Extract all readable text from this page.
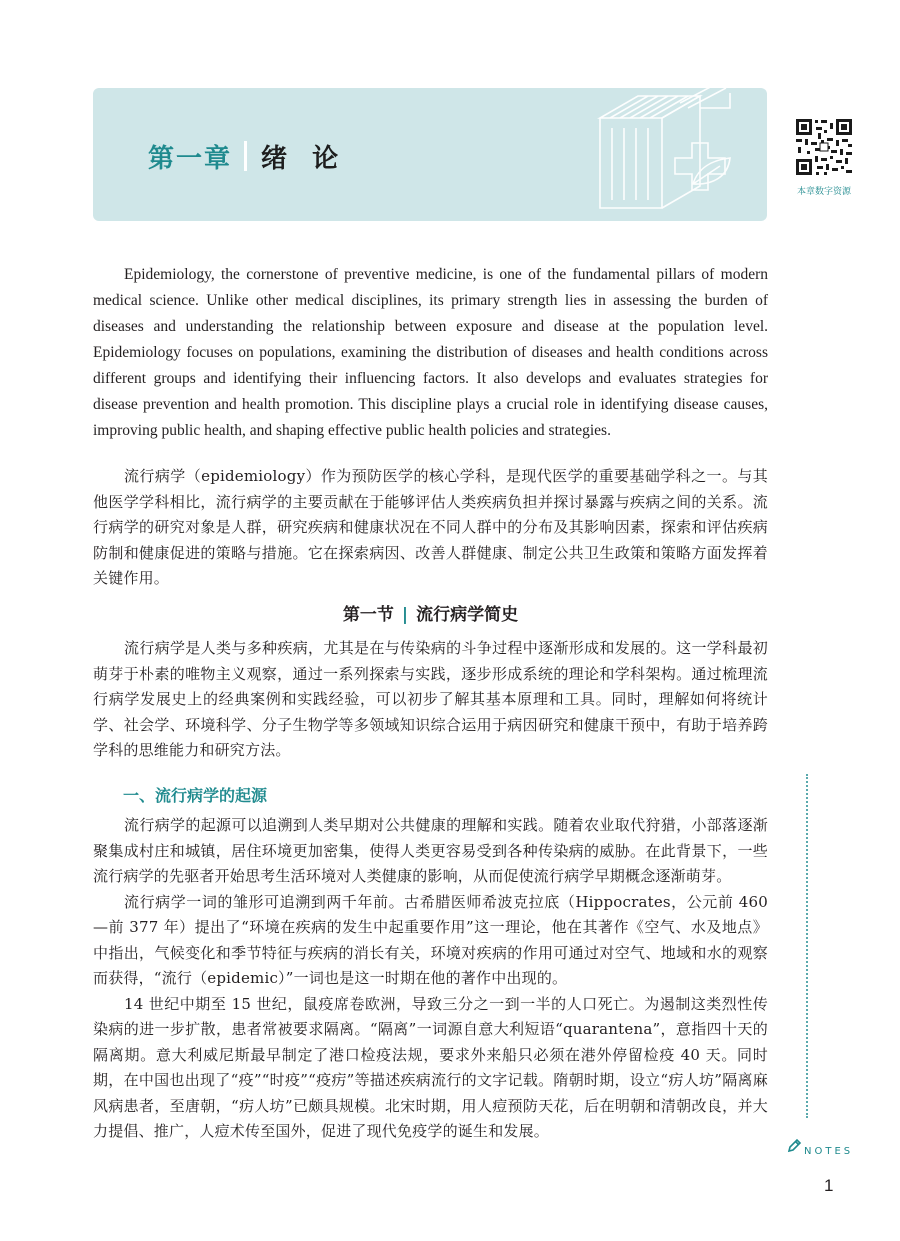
第一章 绪 论
本章数字资源

Epidemiology, the cornerstone of preventive medicine, is one of the fundamental pillars of modern medical science. Unlike other medical disciplines, its primary strength lies in assessing the burden of diseases and understanding the relationship between exposure and disease at the population level. Epidemiology focuses on populations, examining the distribution of diseases and health conditions across different groups and identifying their influencing factors. It also develops and evaluates strategies for disease prevention and health promotion. This discipline plays a crucial role in identifying disease causes, improving public health, and shaping effective public health policies and strategies.

流行病学（epidemiology）作为预防医学的核心学科，是现代医学的重要基础学科之一。与其他医学学科相比，流行病学的主要贡献在于能够评估人类疾病负担并探讨暴露与疾病之间的关系。流行病学的研究对象是人群，研究疾病和健康状况在不同人群中的分布及其影响因素，探索和评估疾病防制和健康促进的策略与措施。它在探索病因、改善人群健康、制定公共卫生政策和策略方面发挥着关键作用。

第一节 | 流行病学简史

流行病学是人类与多种疾病，尤其是在与传染病的斗争过程中逐渐形成和发展的。这一学科最初萌芽于朴素的唯物主义观察，通过一系列探索与实践，逐步形成系统的理论和学科架构。通过梳理流行病学发展史上的经典案例和实践经验，可以初步了解其基本原理和工具。同时，理解如何将统计学、社会学、环境科学、分子生物学等多领域知识综合运用于病因研究和健康干预中，有助于培养跨学科的思维能力和研究方法。

一、流行病学的起源

流行病学的起源可以追溯到人类早期对公共健康的理解和实践。随着农业取代狩猎，小部落逐渐聚集成村庄和城镇，居住环境更加密集，使得人类更容易受到各种传染病的威胁。在此背景下，一些流行病学的先驱者开始思考生活环境对人类健康的影响，从而促使流行病学早期概念逐渐萌芽。

流行病学一词的雏形可追溯到两千年前。古希腊医师希波克拉底（Hippocrates，公元前 460—前 377 年）提出了“环境在疾病的发生中起重要作用”这一理论，他在其著作《空气、水及地点》中指出，气候变化和季节特征与疾病的消长有关，环境对疾病的作用可通过对空气、地域和水的观察而获得，“流行（epidemic）”一词也是这一时期在他的著作中出现的。

14 世纪中期至 15 世纪，鼠疫席卷欧洲，导致三分之一到一半的人口死亡。为遏制这类烈性传染病的进一步扩散，患者常被要求隔离。“隔离”一词源自意大利短语“quarantena”，意指四十天的隔离期。意大利威尼斯最早制定了港口检疫法规，要求外来船只必须在港外停留检疫 40 天。同时期，在中国也出现了“疫”“时疫”“疫疠”等描述疾病流行的文字记载。隋朝时期，设立“疠人坊”隔离麻风病患者，至唐朝，“疠人坊”已颇具规模。北宋时期，用人痘预防天花，后在明朝和清朝改良，并大力提倡、推广，人痘术传至国外，促进了现代免疫学的诞生和发展。

NOTES
1
